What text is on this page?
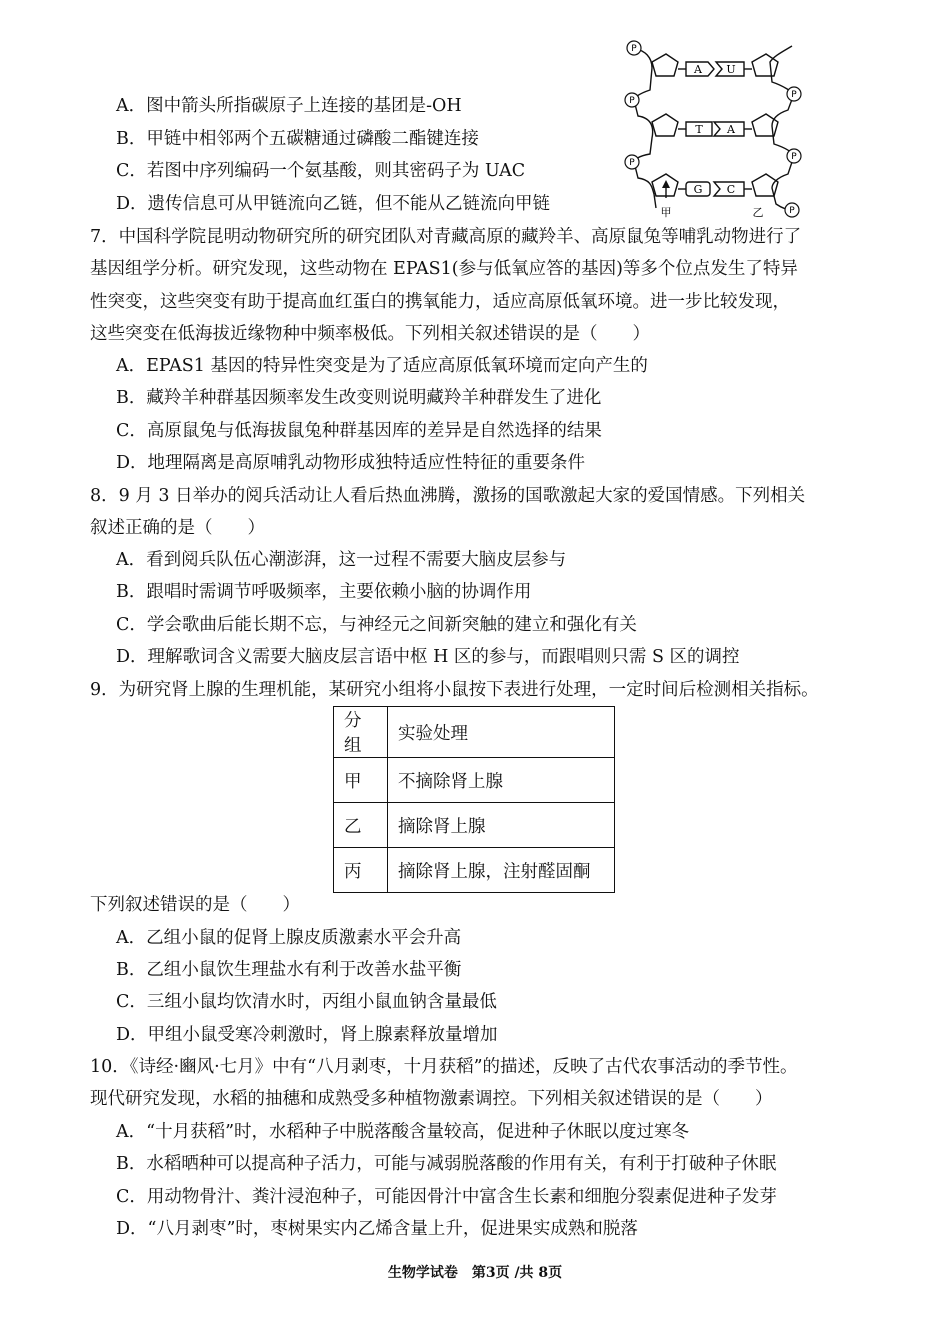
A．图中箭头所指碳原子上连接的基团是-OH
B．甲链中相邻两个五碳糖通过磷酸二酯键连接
C．若图中序列编码一个氨基酸，则其密码子为 UAC
D．遗传信息可从甲链流向乙链，但不能从乙链流向甲链
P
P
P
P
P
P
A U
T A
G C
甲	乙
7．中国科学院昆明动物研究所的研究团队对青藏高原的藏羚羊、高原鼠兔等哺乳动物进行了
基因组学分析。研究发现，这些动物在 EPAS1(参与低氧应答的基因)等多个位点发生了特异
性突变，这些突变有助于提高血红蛋白的携氧能力，适应高原低氧环境。进一步比较发现，
这些突变在低海拔近缘物种中频率极低。下列相关叙述错误的是（　　）
A．EPAS1 基因的特异性突变是为了适应高原低氧环境而定向产生的
B．藏羚羊种群基因频率发生改变则说明藏羚羊种群发生了进化
C．高原鼠兔与低海拔鼠兔种群基因库的差异是自然选择的结果
D．地理隔离是高原哺乳动物形成独特适应性特征的重要条件
8．9 月 3 日举办的阅兵活动让人看后热血沸腾，激扬的国歌激起大家的爱国情感。下列相关
叙述正确的是（　　）
A．看到阅兵队伍心潮澎湃，这一过程不需要大脑皮层参与
B．跟唱时需调节呼吸频率，主要依赖小脑的协调作用
C．学会歌曲后能长期不忘，与神经元之间新突触的建立和强化有关
D．理解歌词含义需要大脑皮层言语中枢 H 区的参与，而跟唱则只需 S 区的调控
9．为研究肾上腺的生理机能，某研究小组将小鼠按下表进行处理，一定时间后检测相关指标。
分组	实验处理
甲	不摘除肾上腺
乙	摘除肾上腺
丙	摘除肾上腺，注射醛固酮
下列叙述错误的是（　　）
A．乙组小鼠的促肾上腺皮质激素水平会升高
B．乙组小鼠饮生理盐水有利于改善水盐平衡
C．三组小鼠均饮清水时，丙组小鼠血钠含量最低
D．甲组小鼠受寒冷刺激时，肾上腺素释放量增加
10．《诗经·豳风·七月》中有“八月剥枣，十月获稻”的描述，反映了古代农事活动的季节性。
现代研究发现，水稻的抽穗和成熟受多种植物激素调控。下列相关叙述错误的是（　　）
A．“十月获稻”时，水稻种子中脱落酸含量较高，促进种子休眠以度过寒冬
B．水稻晒种可以提高种子活力，可能与减弱脱落酸的作用有关，有利于打破种子休眠
C．用动物骨汁、粪汁浸泡种子，可能因骨汁中富含生长素和细胞分裂素促进种子发芽
D．“八月剥枣”时，枣树果实内乙烯含量上升，促进果实成熟和脱落
生物学试卷　第3页 /共 8页
